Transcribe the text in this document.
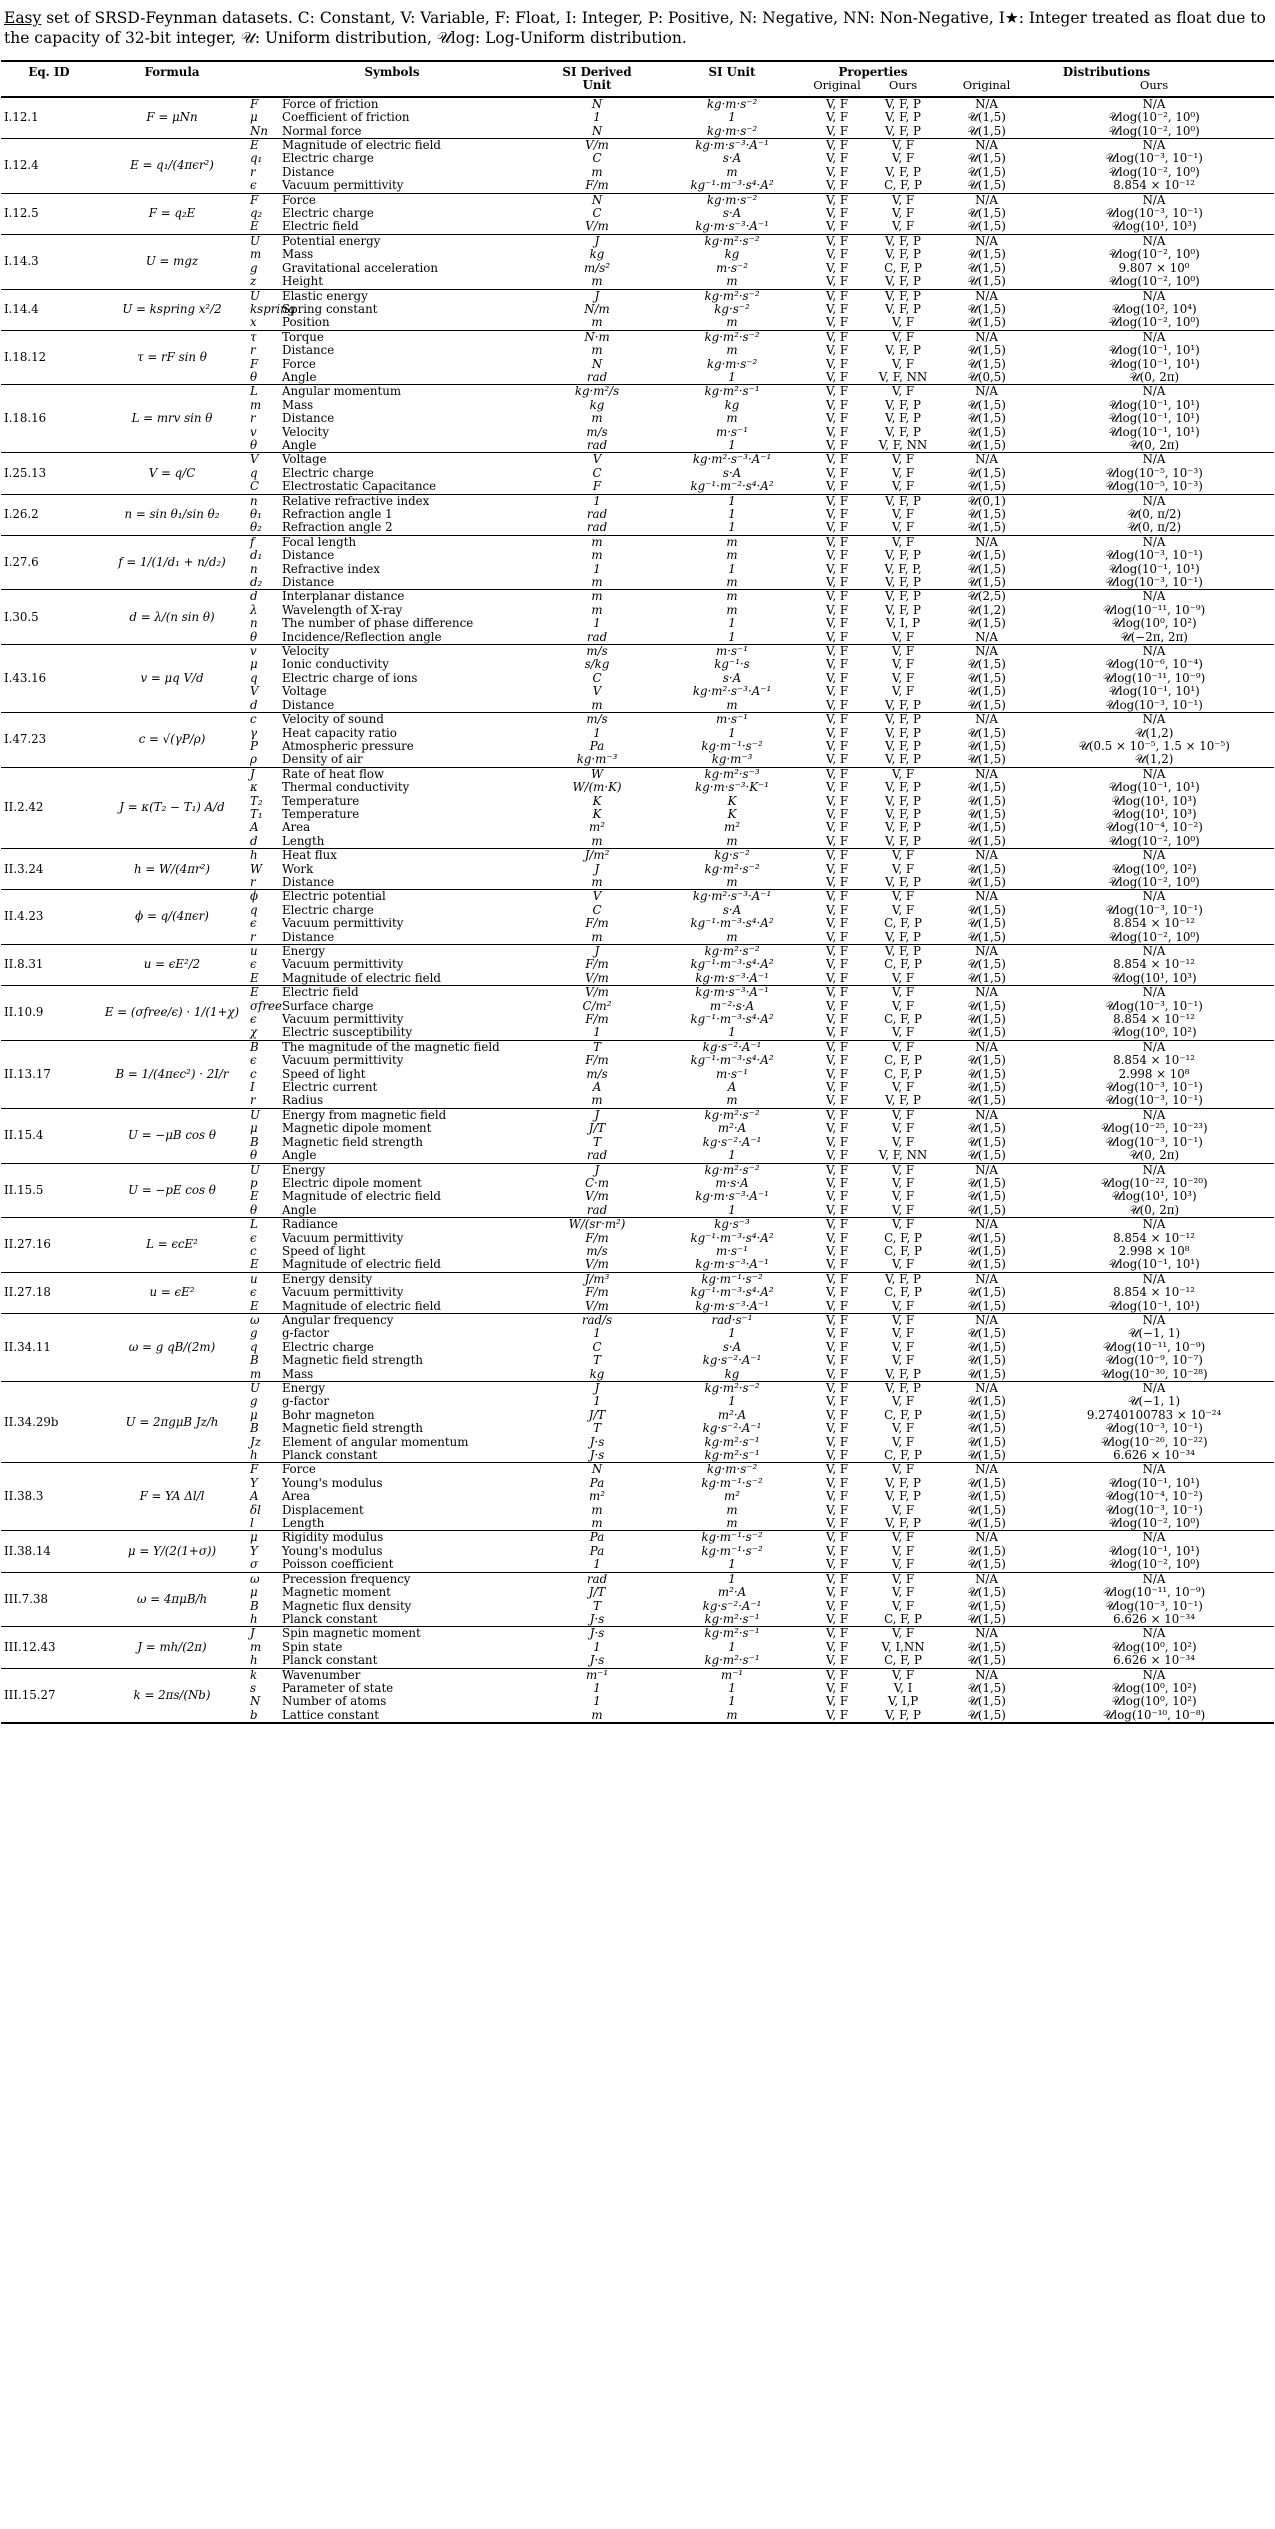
Easy set of SRSD-Feynman datasets. C: Constant, V: Variable, F: Float, I: Integer, P: Positive, N: Negative, NN: Non-Negative, I★: Integer treated as float due to the capacity of 32-bit integer, 𝒰: Uniform distribution, 𝒰log: Log-Uniform distribution.
Eq. ID	Formula	Symbols		SI Derived	SI Unit	Properties		Distributions	
				Unit		Original	Ours	Original	Ours
I.12.1	F = μNn	F	Force of friction	N	kg·m·s⁻²	V, F	V, F, P	N/A	N/A
		μ	Coefficient of friction	1	1	V, F	V, F, P	𝒰(1,5)	𝒰log(10⁻², 10⁰)
		Nn	Normal force	N	kg·m·s⁻²	V, F	V, F, P	𝒰(1,5)	𝒰log(10⁻², 10⁰)
I.12.4	E = q₁/(4πϵr²)	E	Magnitude of electric field	V/m	kg·m·s⁻³·A⁻¹	V, F	V, F	N/A	N/A
		q₁	Electric charge	C	s·A	V, F	V, F	𝒰(1,5)	𝒰log(10⁻³, 10⁻¹)
		r	Distance	m	m	V, F	V, F, P	𝒰(1,5)	𝒰log(10⁻², 10⁰)
		ϵ	Vacuum permittivity	F/m	kg⁻¹·m⁻³·s⁴·A²	V, F	C, F, P	𝒰(1,5)	8.854 × 10⁻¹²
I.12.5	F = q₂E	F	Force	N	kg·m·s⁻²	V, F	V, F	N/A	N/A
		q₂	Electric charge	C	s·A	V, F	V, F	𝒰(1,5)	𝒰log(10⁻³, 10⁻¹)
		E	Electric field	V/m	kg·m·s⁻³·A⁻¹	V, F	V, F	𝒰(1,5)	𝒰log(10¹, 10³)
I.14.3	U = mgz	U	Potential energy	J	kg·m²·s⁻²	V, F	V, F, P	N/A	N/A
		m	Mass	kg	kg	V, F	V, F, P	𝒰(1,5)	𝒰log(10⁻², 10⁰)
		g	Gravitational acceleration	m/s²	m·s⁻²	V, F	C, F, P	𝒰(1,5)	9.807 × 10⁰
		z	Height	m	m	V, F	V, F, P	𝒰(1,5)	𝒰log(10⁻², 10⁰)
I.14.4	U = kspring x²/2	U	Elastic energy	J	kg·m²·s⁻²	V, F	V, F, P	N/A	N/A
		kspring	Spring constant	N/m	kg·s⁻²	V, F	V, F, P	𝒰(1,5)	𝒰log(10², 10⁴)
		x	Position	m	m	V, F	V, F	𝒰(1,5)	𝒰log(10⁻², 10⁰)
I.18.12	τ = rF sin θ	τ	Torque	N·m	kg·m²·s⁻²	V, F	V, F	N/A	N/A
		r	Distance	m	m	V, F	V, F, P	𝒰(1,5)	𝒰log(10⁻¹, 10¹)
		F	Force	N	kg·m·s⁻²	V, F	V, F	𝒰(1,5)	𝒰log(10⁻¹, 10¹)
		θ	Angle	rad	1	V, F	V, F, NN	𝒰(0,5)	𝒰(0, 2π)
I.18.16	L = mrv sin θ	L	Angular momentum	kg·m²/s	kg·m²·s⁻¹	V, F	V, F	N/A	N/A
		m	Mass	kg	kg	V, F	V, F, P	𝒰(1,5)	𝒰log(10⁻¹, 10¹)
		r	Distance	m	m	V, F	V, F, P	𝒰(1,5)	𝒰log(10⁻¹, 10¹)
		v	Velocity	m/s	m·s⁻¹	V, F	V, F, P	𝒰(1,5)	𝒰log(10⁻¹, 10¹)
		θ	Angle	rad	1	V, F	V, F, NN	𝒰(1,5)	𝒰(0, 2π)
I.25.13	V = q/C	V	Voltage	V	kg·m²·s⁻³·A⁻¹	V, F	V, F	N/A	N/A
		q	Electric charge	C	s·A	V, F	V, F	𝒰(1,5)	𝒰log(10⁻⁵, 10⁻³)
		C	Electrostatic Capacitance	F	kg⁻¹·m⁻²·s⁴·A²	V, F	V, F	𝒰(1,5)	𝒰log(10⁻⁵, 10⁻³)
I.26.2	n = sin θ₁/sin θ₂	n	Relative refractive index	1	1	V, F	V, F, P	𝒰(0,1)	N/A
		θ₁	Refraction angle 1	rad	1	V, F	V, F	𝒰(1,5)	𝒰(0, π/2)
		θ₂	Refraction angle 2	rad	1	V, F	V, F	𝒰(1,5)	𝒰(0, π/2)
I.27.6	f = 1/(1/d₁ + n/d₂)	f	Focal length	m	m	V, F	V, F	N/A	N/A
		d₁	Distance	m	m	V, F	V, F, P	𝒰(1,5)	𝒰log(10⁻³, 10⁻¹)
		n	Refractive index	1	1	V, F	V, F, P,	𝒰(1,5)	𝒰log(10⁻¹, 10¹)
		d₂	Distance	m	m	V, F	V, F, P	𝒰(1,5)	𝒰log(10⁻³, 10⁻¹)
I.30.5	d = λ/(n sin θ)	d	Interplanar distance	m	m	V, F	V, F, P	𝒰(2,5)	N/A
		λ	Wavelength of X-ray	m	m	V, F	V, F, P	𝒰(1,2)	𝒰log(10⁻¹¹, 10⁻⁹)
		n	The number of phase difference	1	1	V, F	V, I, P	𝒰(1,5)	𝒰log(10⁰, 10²)
		θ	Incidence/Reflection angle	rad	1	V, F	V, F	N/A	𝒰(−2π, 2π)
I.43.16	v = μq V/d	v	Velocity	m/s	m·s⁻¹	V, F	V, F	N/A	N/A
		μ	Ionic conductivity	s/kg	kg⁻¹·s	V, F	V, F	𝒰(1,5)	𝒰log(10⁻⁶, 10⁻⁴)
		q	Electric charge of ions	C	s·A	V, F	V, F	𝒰(1,5)	𝒰log(10⁻¹¹, 10⁻⁹)
		V	Voltage	V	kg·m²·s⁻³·A⁻¹	V, F	V, F	𝒰(1,5)	𝒰log(10⁻¹, 10¹)
		d	Distance	m	m	V, F	V, F, P	𝒰(1,5)	𝒰log(10⁻³, 10⁻¹)
I.47.23	c = √(γP/ρ)	c	Velocity of sound	m/s	m·s⁻¹	V, F	V, F, P	N/A	N/A
		γ	Heat capacity ratio	1	1	V, F	V, F, P	𝒰(1,5)	𝒰(1,2)
		P	Atmospheric pressure	Pa	kg·m⁻¹·s⁻²	V, F	V, F, P	𝒰(1,5)	𝒰(0.5 × 10⁻⁵, 1.5 × 10⁻⁵)
		ρ	Density of air	kg·m⁻³	kg·m⁻³	V, F	V, F, P	𝒰(1,5)	𝒰(1,2)
II.2.42	J = κ(T₂ − T₁) A/d	J	Rate of heat flow	W	kg·m²·s⁻³	V, F	V, F	N/A	N/A
		κ	Thermal conductivity	W/(m·K)	kg·m·s⁻³·K⁻¹	V, F	V, F, P	𝒰(1,5)	𝒰log(10⁻¹, 10¹)
		T₂	Temperature	K	K	V, F	V, F, P	𝒰(1,5)	𝒰log(10¹, 10³)
		T₁	Temperature	K	K	V, F	V, F, P	𝒰(1,5)	𝒰log(10¹, 10³)
		A	Area	m²	m²	V, F	V, F, P	𝒰(1,5)	𝒰log(10⁻⁴, 10⁻²)
		d	Length	m	m	V, F	V, F, P	𝒰(1,5)	𝒰log(10⁻², 10⁰)
II.3.24	h = W/(4πr²)	h	Heat flux	J/m²	kg·s⁻²	V, F	V, F	N/A	N/A
		W	Work	J	kg·m²·s⁻²	V, F	V, F	𝒰(1,5)	𝒰log(10⁰, 10²)
		r	Distance	m	m	V, F	V, F, P	𝒰(1,5)	𝒰log(10⁻², 10⁰)
II.4.23	ϕ = q/(4πϵr)	ϕ	Electric potential	V	kg·m²·s⁻³·A⁻¹	V, F	V, F	N/A	N/A
		q	Electric charge	C	s·A	V, F	V, F	𝒰(1,5)	𝒰log(10⁻³, 10⁻¹)
		ϵ	Vacuum permittivity	F/m	kg⁻¹·m⁻³·s⁴·A²	V, F	C, F, P	𝒰(1,5)	8.854 × 10⁻¹²
		r	Distance	m	m	V, F	V, F, P	𝒰(1,5)	𝒰log(10⁻², 10⁰)
II.8.31	u = ϵE²/2	u	Energy	J	kg·m²·s⁻²	V, F	V, F, P	N/A	N/A
		ϵ	Vacuum permittivity	F/m	kg⁻¹·m⁻³·s⁴·A²	V, F	C, F, P	𝒰(1,5)	8.854 × 10⁻¹²
		E	Magnitude of electric field	V/m	kg·m·s⁻³·A⁻¹	V, F	V, F	𝒰(1,5)	𝒰log(10¹, 10³)
II.10.9	E = (σfree/ϵ) · 1/(1+χ)	E	Electric field	V/m	kg·m·s⁻³·A⁻¹	V, F	V, F	N/A	N/A
		σfree	Surface charge	C/m²	m⁻²·s·A	V, F	V, F	𝒰(1,5)	𝒰log(10⁻³, 10⁻¹)
		ϵ	Vacuum permittivity	F/m	kg⁻¹·m⁻³·s⁴·A²	V, F	C, F, P	𝒰(1,5)	8.854 × 10⁻¹²
		χ	Electric susceptibility	1	1	V, F	V, F	𝒰(1,5)	𝒰log(10⁰, 10²)
II.13.17	B = 1/(4πϵc²) · 2I/r	B	The magnitude of the magnetic field	T	kg·s⁻²·A⁻¹	V, F	V, F	N/A	N/A
		ϵ	Vacuum permittivity	F/m	kg⁻¹·m⁻³·s⁴·A²	V, F	C, F, P	𝒰(1,5)	8.854 × 10⁻¹²
		c	Speed of light	m/s	m·s⁻¹	V, F	C, F, P	𝒰(1,5)	2.998 × 10⁸
		I	Electric current	A	A	V, F	V, F	𝒰(1,5)	𝒰log(10⁻³, 10⁻¹)
		r	Radius	m	m	V, F	V, F, P	𝒰(1,5)	𝒰log(10⁻³, 10⁻¹)
II.15.4	U = −μB cos θ	U	Energy from magnetic field	J	kg·m²·s⁻²	V, F	V, F	N/A	N/A
		μ	Magnetic dipole moment	J/T	m²·A	V, F	V, F	𝒰(1,5)	𝒰log(10⁻²⁵, 10⁻²³)
		B	Magnetic field strength	T	kg·s⁻²·A⁻¹	V, F	V, F	𝒰(1,5)	𝒰log(10⁻³, 10⁻¹)
		θ	Angle	rad	1	V, F	V, F, NN	𝒰(1,5)	𝒰(0, 2π)
II.15.5	U = −pE cos θ	U	Energy	J	kg·m²·s⁻²	V, F	V, F	N/A	N/A
		p	Electric dipole moment	C·m	m·s·A	V, F	V, F	𝒰(1,5)	𝒰log(10⁻²², 10⁻²⁰)
		E	Magnitude of electric field	V/m	kg·m·s⁻³·A⁻¹	V, F	V, F	𝒰(1,5)	𝒰log(10¹, 10³)
		θ	Angle	rad	1	V, F	V, F	𝒰(1,5)	𝒰(0, 2π)
II.27.16	L = ϵcE²	L	Radiance	W/(sr·m²)	kg·s⁻³	V, F	V, F	N/A	N/A
		ϵ	Vacuum permittivity	F/m	kg⁻¹·m⁻³·s⁴·A²	V, F	C, F, P	𝒰(1,5)	8.854 × 10⁻¹²
		c	Speed of light	m/s	m·s⁻¹	V, F	C, F, P	𝒰(1,5)	2.998 × 10⁸
		E	Magnitude of electric field	V/m	kg·m·s⁻³·A⁻¹	V, F	V, F	𝒰(1,5)	𝒰log(10⁻¹, 10¹)
II.27.18	u = ϵE²	u	Energy density	J/m³	kg·m⁻¹·s⁻²	V, F	V, F, P	N/A	N/A
		ϵ	Vacuum permittivity	F/m	kg⁻¹·m⁻³·s⁴·A²	V, F	C, F, P	𝒰(1,5)	8.854 × 10⁻¹²
		E	Magnitude of electric field	V/m	kg·m·s⁻³·A⁻¹	V, F	V, F	𝒰(1,5)	𝒰log(10⁻¹, 10¹)
II.34.11	ω = g qB/(2m)	ω	Angular frequency	rad/s	rad·s⁻¹	V, F	V, F	N/A	N/A
		g	g-factor	1	1	V, F	V, F	𝒰(1,5)	𝒰(−1, 1)
		q	Electric charge	C	s·A	V, F	V, F	𝒰(1,5)	𝒰log(10⁻¹¹, 10⁻⁹)
		B	Magnetic field strength	T	kg·s⁻²·A⁻¹	V, F	V, F	𝒰(1,5)	𝒰log(10⁻⁹, 10⁻⁷)
		m	Mass	kg	kg	V, F	V, F, P	𝒰(1,5)	𝒰log(10⁻³⁰, 10⁻²⁸)
II.34.29b	U = 2πgμB Jz/h	U	Energy	J	kg·m²·s⁻²	V, F	V, F, P	N/A	N/A
		g	g-factor	1	1	V, F	V, F	𝒰(1,5)	𝒰(−1, 1)
		μ	Bohr magneton	J/T	m²·A	V, F	C, F, P	𝒰(1,5)	9.2740100783 × 10⁻²⁴
		B	Magnetic field strength	T	kg·s⁻²·A⁻¹	V, F	V, F	𝒰(1,5)	𝒰log(10⁻³, 10⁻¹)
		Jz	Element of angular momentum	J·s	kg·m²·s⁻¹	V, F	V, F	𝒰(1,5)	𝒰log(10⁻²⁶, 10⁻²²)
		h	Planck constant	J·s	kg·m²·s⁻¹	V, F	C, F, P	𝒰(1,5)	6.626 × 10⁻³⁴
II.38.3	F = YA Δl/l	F	Force	N	kg·m·s⁻²	V, F	V, F	N/A	N/A
		Y	Young's modulus	Pa	kg·m⁻¹·s⁻²	V, F	V, F, P	𝒰(1,5)	𝒰log(10⁻¹, 10¹)
		A	Area	m²	m²	V, F	V, F, P	𝒰(1,5)	𝒰log(10⁻⁴, 10⁻²)
		δl	Displacement	m	m	V, F	V, F	𝒰(1,5)	𝒰log(10⁻³, 10⁻¹)
		l	Length	m	m	V, F	V, F, P	𝒰(1,5)	𝒰log(10⁻², 10⁰)
II.38.14	μ = Y/(2(1+σ))	μ	Rigidity modulus	Pa	kg·m⁻¹·s⁻²	V, F	V, F	N/A	N/A
		Y	Young's modulus	Pa	kg·m⁻¹·s⁻²	V, F	V, F	𝒰(1,5)	𝒰log(10⁻¹, 10¹)
		σ	Poisson coefficient	1	1	V, F	V, F	𝒰(1,5)	𝒰log(10⁻², 10⁰)
III.7.38	ω = 4πμB/h	ω	Precession frequency	rad	1	V, F	V, F	N/A	N/A
		μ	Magnetic moment	J/T	m²·A	V, F	V, F	𝒰(1,5)	𝒰log(10⁻¹¹, 10⁻⁹)
		B	Magnetic flux density	T	kg·s⁻²·A⁻¹	V, F	V, F	𝒰(1,5)	𝒰log(10⁻³, 10⁻¹)
		h	Planck constant	J·s	kg·m²·s⁻¹	V, F	C, F, P	𝒰(1,5)	6.626 × 10⁻³⁴
III.12.43	J = mh/(2π)	J	Spin magnetic moment	J·s	kg·m²·s⁻¹	V, F	V, F	N/A	N/A
		m	Spin state	1	1	V, F	V, I,NN	𝒰(1,5)	𝒰log(10⁰, 10²)
		h	Planck constant	J·s	kg·m²·s⁻¹	V, F	C, F, P	𝒰(1,5)	6.626 × 10⁻³⁴
III.15.27	k = 2πs/(Nb)	k	Wavenumber	m⁻¹	m⁻¹	V, F	V, F	N/A	N/A
		s	Parameter of state	1	1	V, F	V, I	𝒰(1,5)	𝒰log(10⁰, 10²)
		N	Number of atoms	1	1	V, F	V, I,P	𝒰(1,5)	𝒰log(10⁰, 10²)
		b	Lattice constant	m	m	V, F	V, F, P	𝒰(1,5)	𝒰log(10⁻¹⁰, 10⁻⁸)
